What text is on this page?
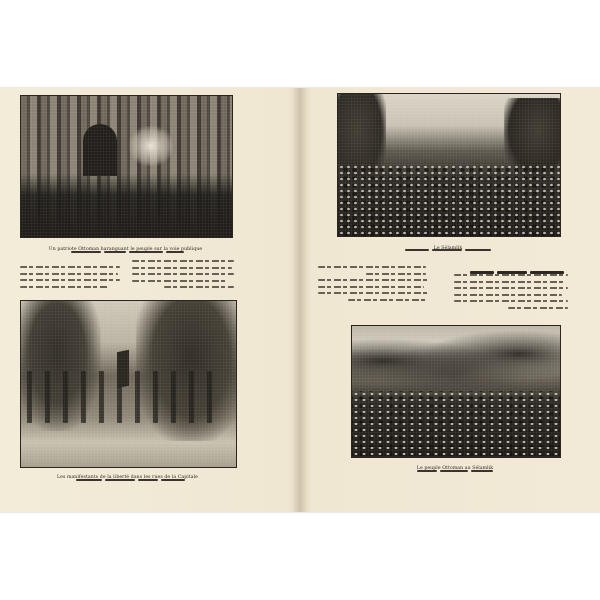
Un patriote Ottoman haranguant le peuple sur la voie publique
Les manifestants de la liberté dans les rues de la Capitale
Le Sélamlik
Le peuple Ottoman au Sélamlik
